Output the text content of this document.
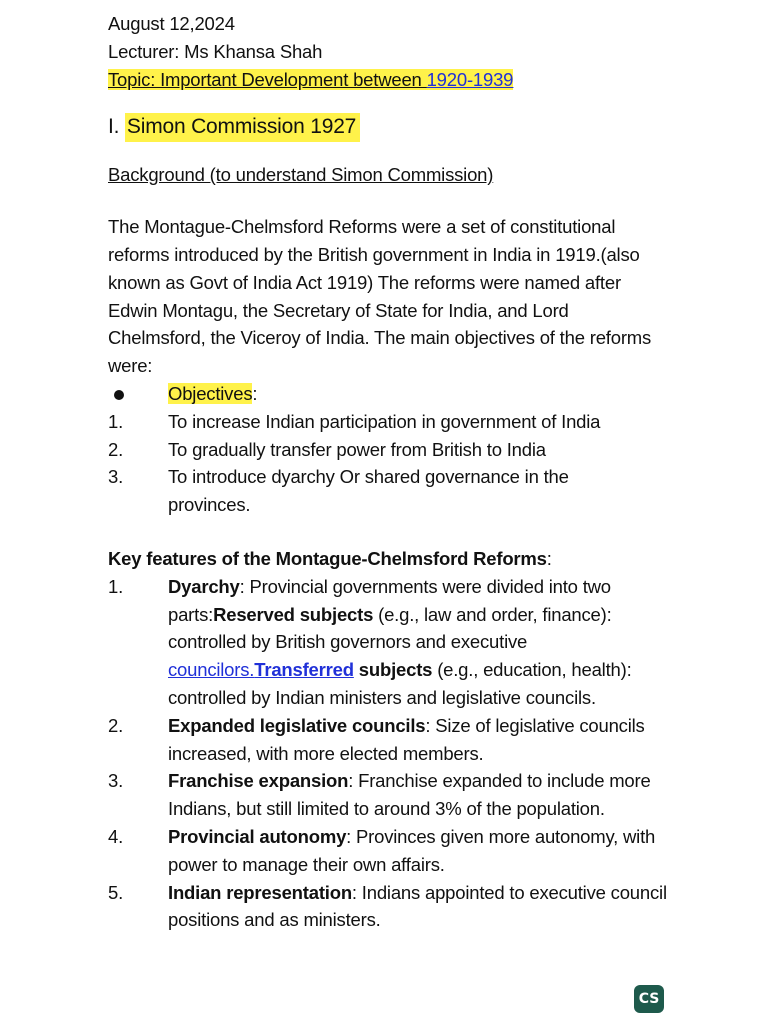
August 12,2024
Lecturer: Ms Khansa Shah
Topic: Important Development between 1920-1939
I. Simon Commission 1927
Background (to understand Simon Commission)
The Montague-Chelmsford Reforms were a set of constitutional
reforms introduced by the British government in India in 1919.(also
known as Govt of India Act 1919) The reforms were named after
Edwin Montagu, the Secretary of State for India, and Lord
Chelmsford, the Viceroy of India. The main objectives of the reforms
were:
Objectives:
1.	To increase Indian participation in government of India
2.	To gradually transfer power from British to India
3.	To introduce dyarchy Or shared governance in the
provinces.
Key features of the Montague-Chelmsford Reforms:
1.	Dyarchy: Provincial governments were divided into two
parts:Reserved subjects (e.g., law and order, finance):
controlled by British governors and executive
councilors.Transferred subjects (e.g., education, health):
controlled by Indian ministers and legislative councils.
2.	Expanded legislative councils: Size of legislative councils
increased, with more elected members.
3.	Franchise expansion: Franchise expanded to include more
Indians, but still limited to around 3% of the population.
4.	Provincial autonomy: Provinces given more autonomy, with
power to manage their own affairs.
5.	Indian representation: Indians appointed to executive council
positions and as ministers.
CS
